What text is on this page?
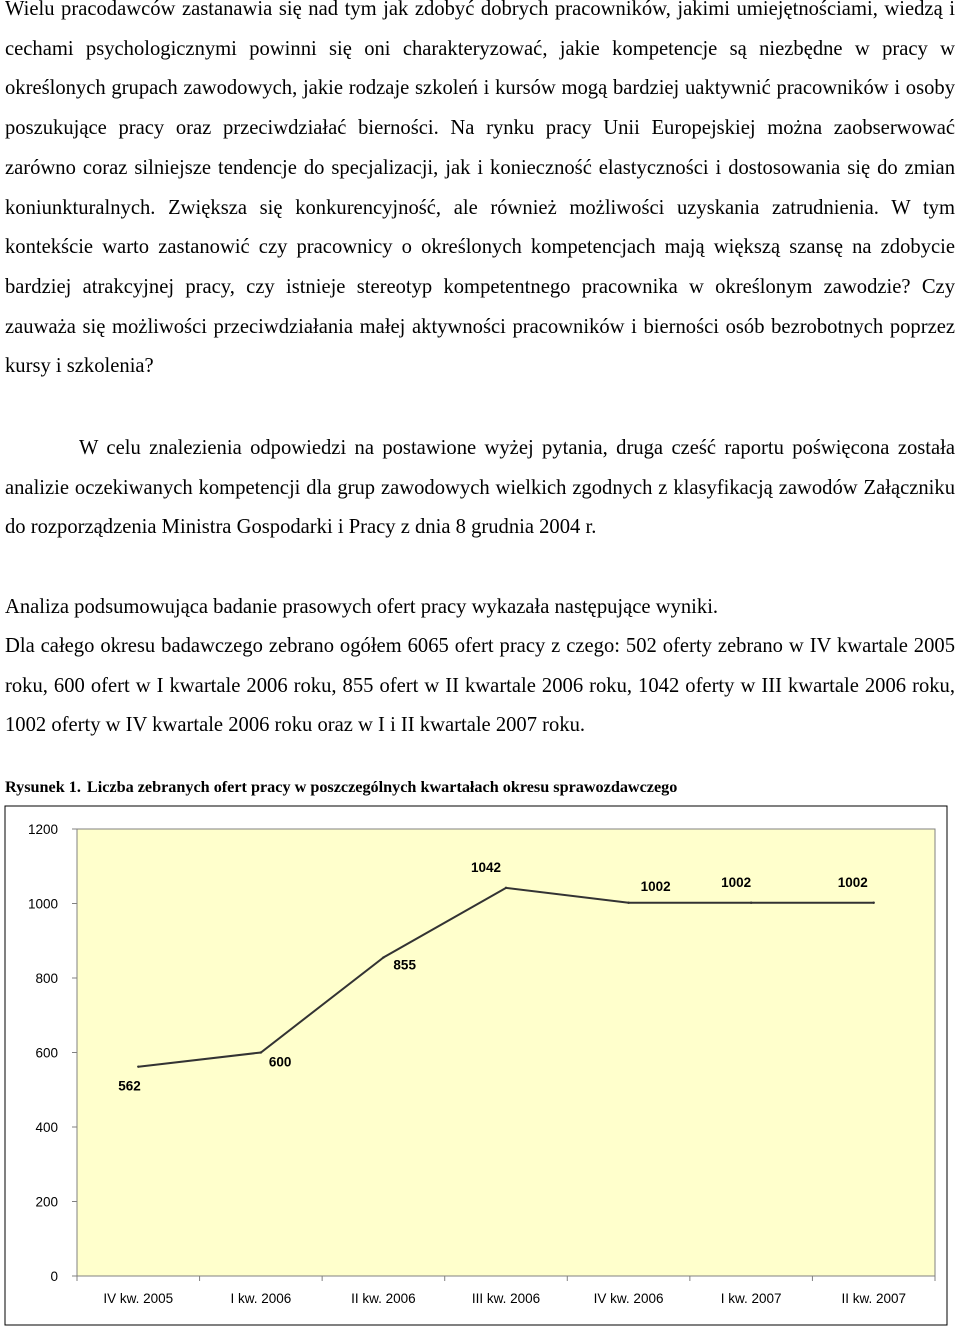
Wielu pracodawców zastanawia się nad tym jak zdobyć dobrych pracowników, jakimi umiejętnościami, wiedzą i cechami psychologicznymi powinni się oni charakteryzować, jakie kompetencje są niezbędne w pracy w określonych grupach zawodowych, jakie rodzaje szkoleń i kursów mogą bardziej uaktywnić pracowników i osoby poszukujące pracy oraz przeciwdziałać bierności. Na rynku pracy Unii Europejskiej można zaobserwować zarówno coraz silniejsze tendencje do specjalizacji, jak i konieczność elastyczności i dostosowania się do zmian koniunkturalnych. Zwiększa się konkurencyjność, ale również możliwości uzyskania zatrudnienia. W tym kontekście warto zastanowić czy pracownicy o określonych kompetencjach mają większą szansę na zdobycie bardziej atrakcyjnej pracy, czy istnieje stereotyp kompetentnego pracownika w określonym zawodzie? Czy zauważa się możliwości przeciwdziałania małej aktywności pracowników i bierności osób bezrobotnych poprzez kursy i szkolenia?

W celu znalezienia odpowiedzi na postawione wyżej pytania, druga cześć raportu poświęcona została analizie oczekiwanych kompetencji dla grup zawodowych wielkich zgodnych z klasyfikacją zawodów Załączniku do rozporządzenia Ministra Gospodarki i Pracy z dnia 8 grudnia 2004 r.

Analiza podsumowująca badanie prasowych ofert pracy wykazała następujące wyniki.

Dla całego okresu badawczego zebrano ogółem 6065 ofert pracy z czego: 502 oferty zebrano w IV kwartale 2005 roku, 600 ofert w I kwartale 2006 roku, 855 ofert w II kwartale 2006 roku, 1042 oferty w III kwartale 2006 roku, 1002 oferty w IV kwartale 2006 roku oraz w I i II kwartale 2007 roku.

Rysunek 1. Liczba zebranych ofert pracy w poszczególnych kwartałach okresu sprawozdawczego
0
200
400
600
800
1000
1200
IV kw. 2005	I kw. 2006	II kw. 2006	III kw. 2006	IV kw. 2006	I kw. 2007	II kw. 2007
562
600
855
1042
1002	1002	1002
